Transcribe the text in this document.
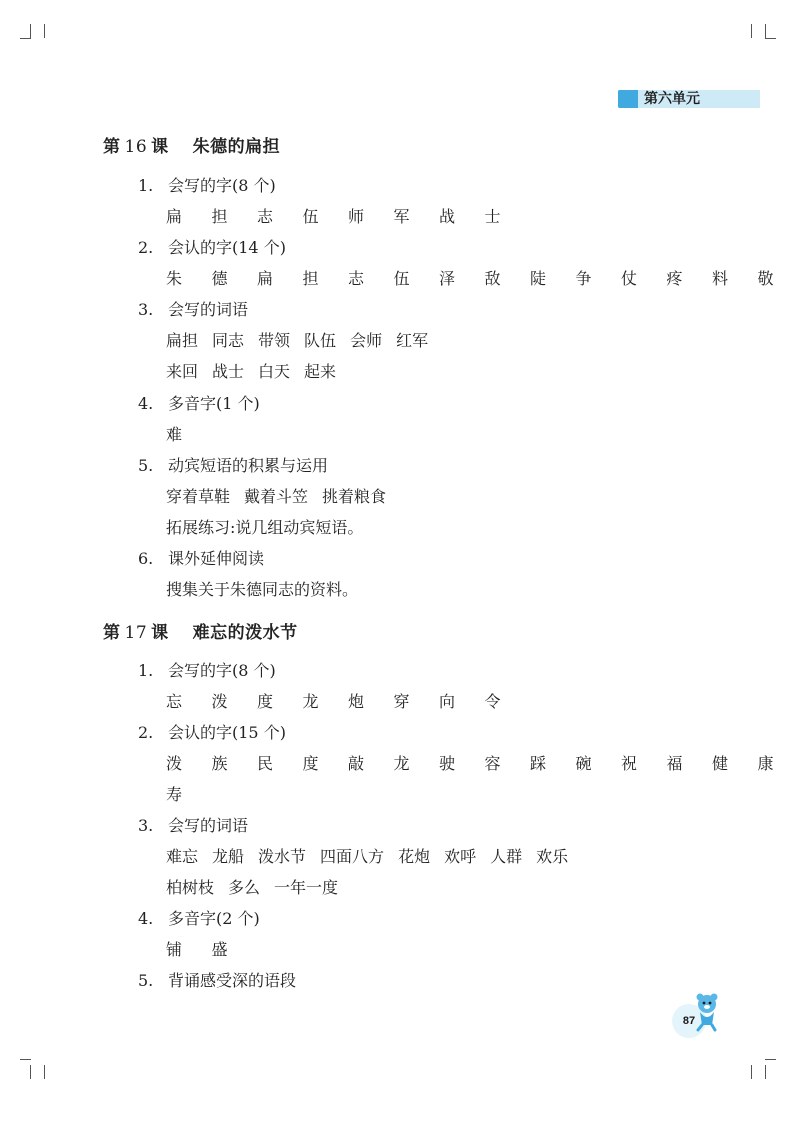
第六单元
第 16 课 朱德的扁担
1. 会写的字(8 个)
扁 担 志 伍 师 军 战 士
2. 会认的字(14 个)
朱 德 扁 担 志 伍 泽 敌 陡 争 仗 疼 料 敬
3. 会写的词语
扁担 同志 带领 队伍 会师 红军
来回 战士 白天 起来
4. 多音字(1 个)
难
5. 动宾短语的积累与运用
穿着草鞋 戴着斗笠 挑着粮食
拓展练习:说几组动宾短语。
6. 课外延伸阅读
搜集关于朱德同志的资料。
第 17 课 难忘的泼水节
1. 会写的字(8 个)
忘 泼 度 龙 炮 穿 向 令
2. 会认的字(15 个)
泼 族 民 度 敲 龙 驶 容 踩 碗 祝 福 健 康
寿
3. 会写的词语
难忘 龙船 泼水节 四面八方 花炮 欢呼 人群 欢乐
柏树枝 多么 一年一度
4. 多音字(2 个)
铺 盛
5. 背诵感受深的语段
87
